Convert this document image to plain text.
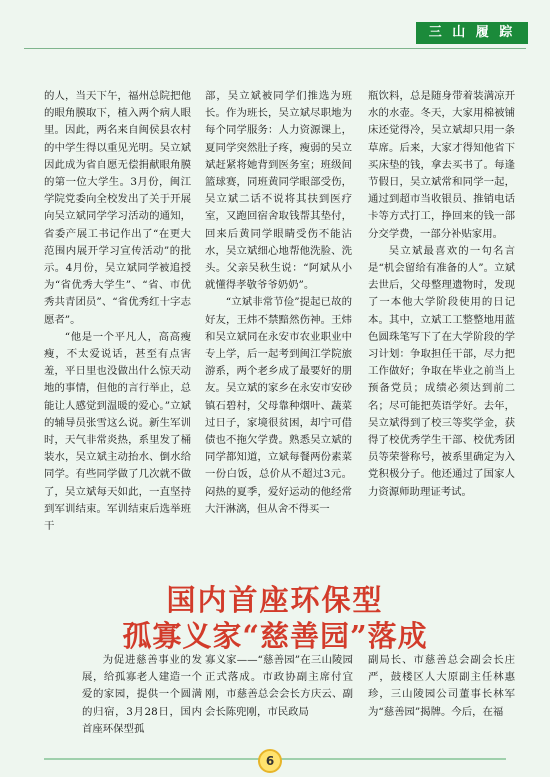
三 山 履 踪

的人，当天下午，福州总院把他的眼角膜取下，植入两个病人眼里。因此，两名来自闽侯县农村的中学生得以重见光明。吴立斌因此成为省自愿无偿捐献眼角膜的第一位大学生。3月份，闽江学院党委向全校发出了关于开展向吴立斌同学学习活动的通知，省委产展工书记作出了“在更大范围内展开学习宣传活动”的批示。4月份，吴立斌同学被追授为“省优秀大学生”、“省、市优秀共青团员”、“省优秀红十字志愿者”。

“他是一个平凡人，高高瘦瘦，不太爱说话，甚至有点害羞，平日里也没做出什么惊天动地的事情，但他的言行举止，总能让人感觉到温暖的爱心。”立斌的辅导员张雪这么说。新生军训时，天气非常炎热，系里发了桶装水，吴立斌主动抬水、倒水给同学。有些同学做了几次就不做了，吴立斌每天如此，一直坚持到军训结束。军训结束后选举班干

部，吴立斌被同学们推选为班长。作为班长，吴立斌尽职地为每个同学服务：人力资源课上，夏同学突然肚子疼，瘦弱的吴立斌赶紧将她背到医务室；班级间篮球赛，同班黄同学眼部受伤，吴立斌二话不说将其扶到医疗室，又跑回宿舍取钱帮其垫付，回来后黄同学眼睛受伤不能沾水，吴立斌细心地帮他洗脸、洗头。父亲吴秋生说：“阿斌从小就懂得孝敬爷爷奶奶”。

“立斌非常节俭”提起已故的好友，王炜不禁黯然伤神。王炜和吴立斌同在永安市农业职业中专上学，后一起考到闽江学院旅游系，两个老乡成了最要好的朋友。吴立斌的家乡在永安市安砂镇石碧村，父母靠种烟叶、蔬菜过日子，家境很贫困，却宁可借债也不拖欠学费。熟悉吴立斌的同学都知道，立斌每餐两份素菜一份白饭，总价从不超过3元。闷热的夏季，爱好运动的他经常大汗淋漓，但从舍不得买一

瓶饮料，总是随身带着装满凉开水的水壶。冬天，大家用棉被铺床还觉得冷，吴立斌却只用一条草席。后来，大家才得知他省下买床垫的钱，拿去买书了。每逢节假日，吴立斌常和同学一起，通过到超市当收银员、推销电话卡等方式打工，挣回来的钱一部分交学费，一部分补贴家用。

吴立斌最喜欢的一句名言是“机会留给有准备的人”。立斌去世后，父母整理遗物时，发现了一本他大学阶段使用的日记本。其中，立斌工工整整地用蓝色圆珠笔写下了在大学阶段的学习计划：争取担任干部，尽力把工作做好；争取在毕业之前当上预备党员；成绩必须达到前二名；尽可能把英语学好。去年，吴立斌得到了校三等奖学金，获得了校优秀学生干部、校优秀团员等荣誉称号，被系里确定为入党积极分子。他还通过了国家人力资源师助理证考试。

国内首座环保型
孤寡义家“慈善园”落成

为促进慈善事业的发展，给孤寡老人建造一个爱的家园，提供一个圆满的归宿，3月28日，国内首座环保型孤

寡义家——“慈善园”在三山陵园正式落成。市政协副主席付宜刚，市慈善总会会长方庆云、副会长陈兜刚，市民政局

副局长、市慈善总会副会长庄严，鼓楼区人大原副主任林惠珍，三山陵园公司董事长林军为“慈善园”揭牌。今后，在福

6
